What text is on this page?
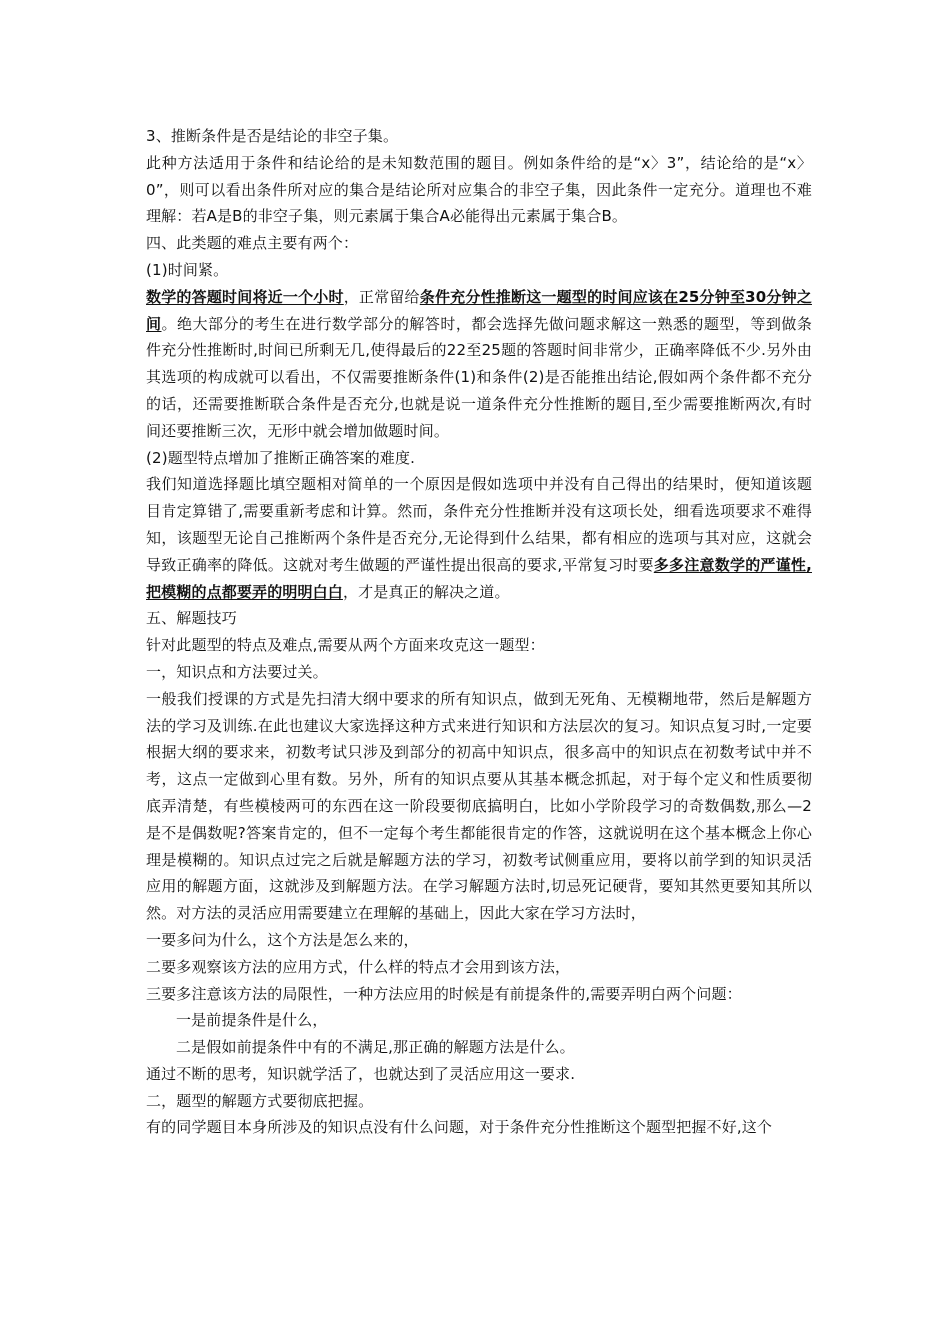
3、推断条件是否是结论的非空子集。

此种方法适用于条件和结论给的是未知数范围的题目。例如条件给的是“x〉3”，结论给的是“x〉0”，则可以看出条件所对应的集合是结论所对应集合的非空子集，因此条件一定充分。道理也不难理解：若A是B的非空子集，则元素属于集合A必能得出元素属于集合B。

四、此类题的难点主要有两个：

(1)时间紧。

数学的答题时间将近一个小时，正常留给条件充分性推断这一题型的时间应该在25分钟至30分钟之间。绝大部分的考生在进行数学部分的解答时，都会选择先做问题求解这一熟悉的题型，等到做条件充分性推断时,时间已所剩无几,使得最后的22至25题的答题时间非常少，正确率降低不少.另外由其选项的构成就可以看出，不仅需要推断条件(1)和条件(2)是否能推出结论,假如两个条件都不充分的话，还需要推断联合条件是否充分,也就是说一道条件充分性推断的题目,至少需要推断两次,有时间还要推断三次，无形中就会增加做题时间。

(2)题型特点增加了推断正确答案的难度.

我们知道选择题比填空题相对简单的一个原因是假如选项中并没有自己得出的结果时，便知道该题目肯定算错了,需要重新考虑和计算。然而，条件充分性推断并没有这项长处，细看选项要求不难得知，该题型无论自己推断两个条件是否充分,无论得到什么结果，都有相应的选项与其对应，这就会导致正确率的降低。这就对考生做题的严谨性提出很高的要求,平常复习时要多多注意数学的严谨性,把模糊的点都要弄的明明白白，才是真正的解决之道。

五、解题技巧

针对此题型的特点及难点,需要从两个方面来攻克这一题型：

一，知识点和方法要过关。

一般我们授课的方式是先扫清大纲中要求的所有知识点，做到无死角、无模糊地带，然后是解题方法的学习及训练.在此也建议大家选择这种方式来进行知识和方法层次的复习。知识点复习时,一定要根据大纲的要求来，初数考试只涉及到部分的初高中知识点，很多高中的知识点在初数考试中并不考，这点一定做到心里有数。另外，所有的知识点要从其基本概念抓起，对于每个定义和性质要彻底弄清楚，有些模棱两可的东西在这一阶段要彻底搞明白，比如小学阶段学习的奇数偶数,那么—2是不是偶数呢?答案肯定的，但不一定每个考生都能很肯定的作答，这就说明在这个基本概念上你心理是模糊的。知识点过完之后就是解题方法的学习，初数考试侧重应用，要将以前学到的知识灵活应用的解题方面，这就涉及到解题方法。在学习解题方法时,切忌死记硬背，要知其然更要知其所以然。对方法的灵活应用需要建立在理解的基础上，因此大家在学习方法时，

一要多问为什么，这个方法是怎么来的，

二要多观察该方法的应用方式，什么样的特点才会用到该方法，

三要多注意该方法的局限性，一种方法应用的时候是有前提条件的,需要弄明白两个问题：

一是前提条件是什么，

二是假如前提条件中有的不满足,那正确的解题方法是什么。

通过不断的思考，知识就学活了，也就达到了灵活应用这一要求.

二，题型的解题方式要彻底把握。

有的同学题目本身所涉及的知识点没有什么问题，对于条件充分性推断这个题型把握不好,这个
